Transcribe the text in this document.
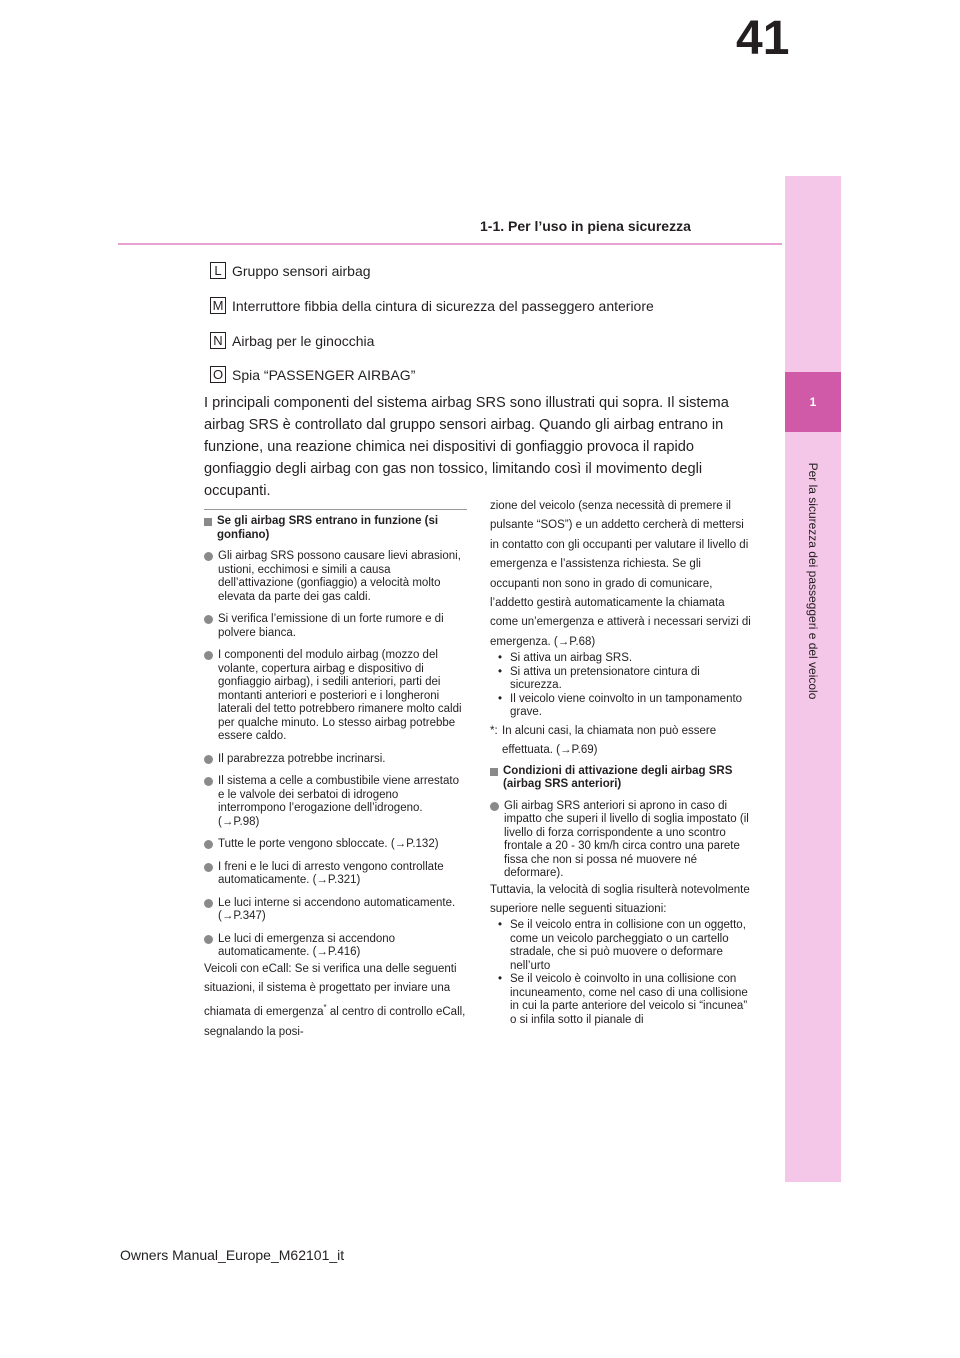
41
1-1. Per l’uso in piena sicurezza
1
Per la sicurezza dei passeggeri e del veicolo
L Gruppo sensori airbag
M Interruttore fibbia della cintura di sicurezza del passeggero anteriore
N Airbag per le ginocchia
O Spia “PASSENGER AIRBAG”
I principali componenti del sistema airbag SRS sono illustrati qui sopra. Il sistema airbag SRS è controllato dal gruppo sensori airbag. Quando gli airbag entrano in funzione, una reazione chimica nei dispositivi di gonfiaggio provoca il rapido gonfiaggio degli airbag con gas non tossico, limitando così il movimento degli occupanti.
Se gli airbag SRS entrano in funzione (si gonfiano)
Gli airbag SRS possono causare lievi abrasioni, ustioni, ecchimosi e simili a causa dell’attivazione (gonfiaggio) a velocità molto elevata da parte dei gas caldi.
Si verifica l’emissione di un forte rumore e di polvere bianca.
I componenti del modulo airbag (mozzo del volante, copertura airbag e dispositivo di gonfiaggio airbag), i sedili anteriori, parti dei montanti anteriori e posteriori e i longheroni laterali del tetto potrebbero rimanere molto caldi per qualche minuto. Lo stesso airbag potrebbe essere caldo.
Il parabrezza potrebbe incrinarsi.
Il sistema a celle a combustibile viene arrestato e le valvole dei serbatoi di idrogeno interrompono l’erogazione dell’idrogeno. (→P.98)
Tutte le porte vengono sbloccate. (→P.132)
I freni e le luci di arresto vengono controllate automaticamente. (→P.321)
Le luci interne si accendono automaticamente. (→P.347)
Le luci di emergenza si accendono automaticamente. (→P.416)

Veicoli con eCall: Se si verifica una delle seguenti situazioni, il sistema è progettato per inviare una chiamata di emergenza* al centro di controllo eCall, segnalando la posi-

zione del veicolo (senza necessità di premere il pulsante “SOS”) e un addetto cercherà di mettersi in contatto con gli occupanti per valutare il livello di emergenza e l’assistenza richiesta. Se gli occupanti non sono in grado di comunicare, l’addetto gestirà automaticamente la chiamata come un’emergenza e attiverà i necessari servizi di emergenza. (→P.68)

• Si attiva un airbag SRS.
• Si attiva un pretensionatore cintura di sicurezza.
• Il veicolo viene coinvolto in un tamponamento grave.
*: In alcuni casi, la chiamata non può essere effettuata. (→P.69)
Condizioni di attivazione degli airbag SRS (airbag SRS anteriori)
Gli airbag SRS anteriori si aprono in caso di impatto che superi il livello di soglia impostato (il livello di forza corrispondente a uno scontro frontale a 20 - 30 km/h circa contro una parete fissa che non si possa né muovere né deformare).

Tuttavia, la velocità di soglia risulterà notevolmente superiore nelle seguenti situazioni:

• Se il veicolo entra in collisione con un oggetto, come un veicolo parcheggiato o un cartello stradale, che si può muovere o deformare nell’urto
• Se il veicolo è coinvolto in una collisione con incuneamento, come nel caso di una collisione in cui la parte anteriore del veicolo si “incunea” o si infila sotto il pianale di
Owners Manual_Europe_M62101_it
